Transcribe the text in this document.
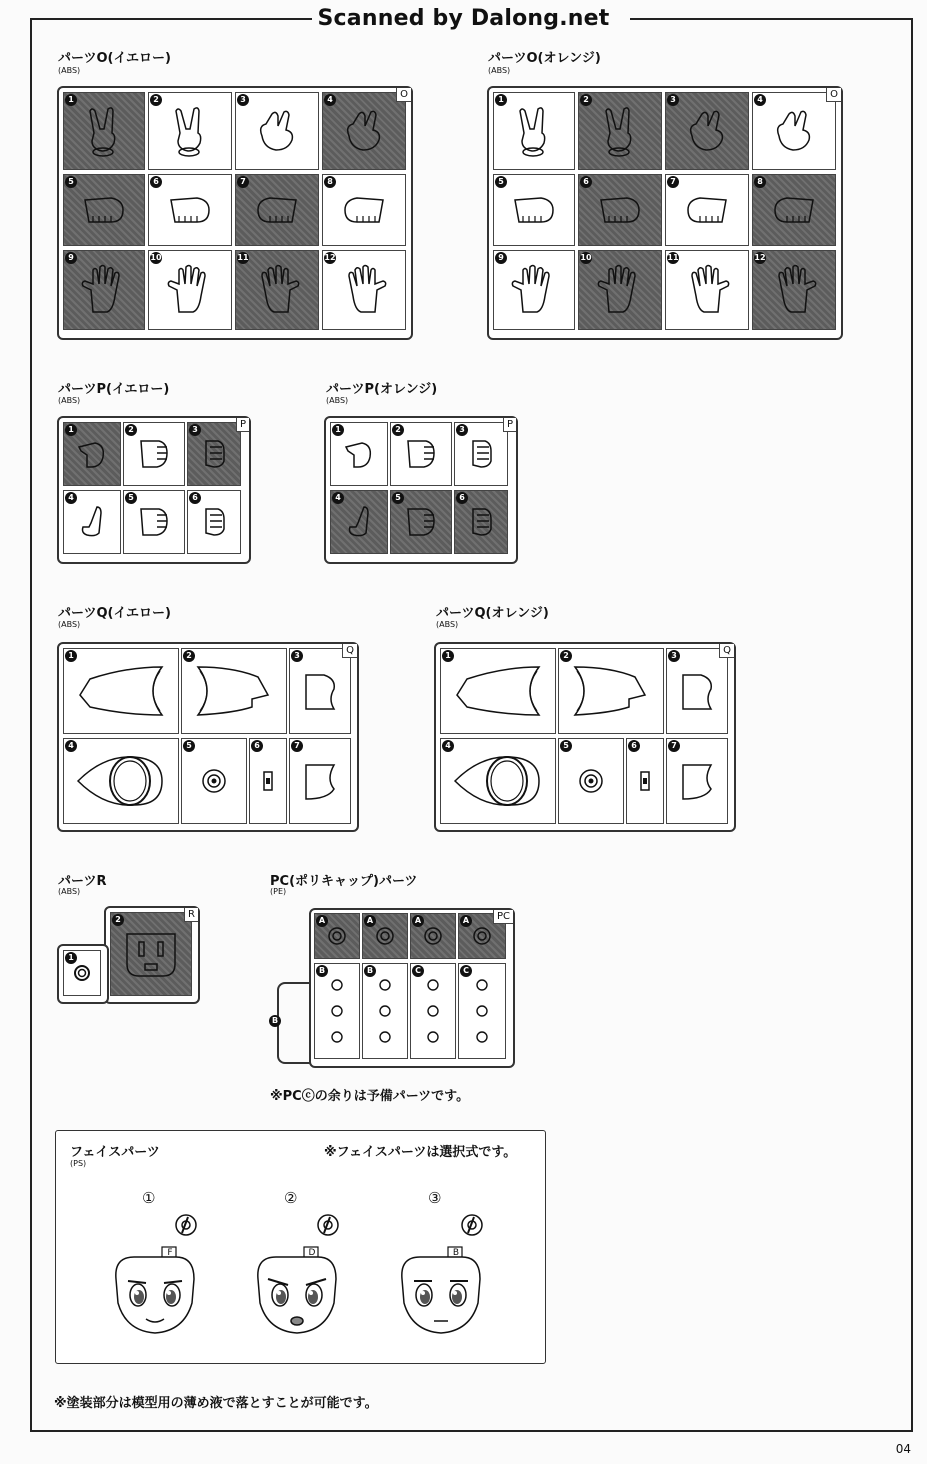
Scanned by Dalong.net
パーツO(イエロー)
(ABS)
O
1	2	3	4
5	6	7	8
9	10	11	12
パーツO(オレンジ)
(ABS)
O
1	2	3	4
5	6	7	8
9	10	11	12
パーツP(イエロー)
(ABS)
P
1	2	3
4	5	6
パーツP(オレンジ)
(ABS)
P
1	2	3
4	5	6
パーツQ(イエロー)
(ABS)
Q
1	2	3
4	5	6	7
パーツQ(オレンジ)
(ABS)
Q
1	2	3
4	5	6	7
パーツR
(ABS)
R
2
1
PC(ポリキャップ)パーツ
(PE)
PC
A	A	A	A
B	B	C	C
B
※PCⓒの余りは予備パーツです。
フェイスパーツ
(PS)
※フェイスパーツは選択式です。
①	②	③
F	D	B
※塗装部分は模型用の薄め液で落とすことが可能です。
04
